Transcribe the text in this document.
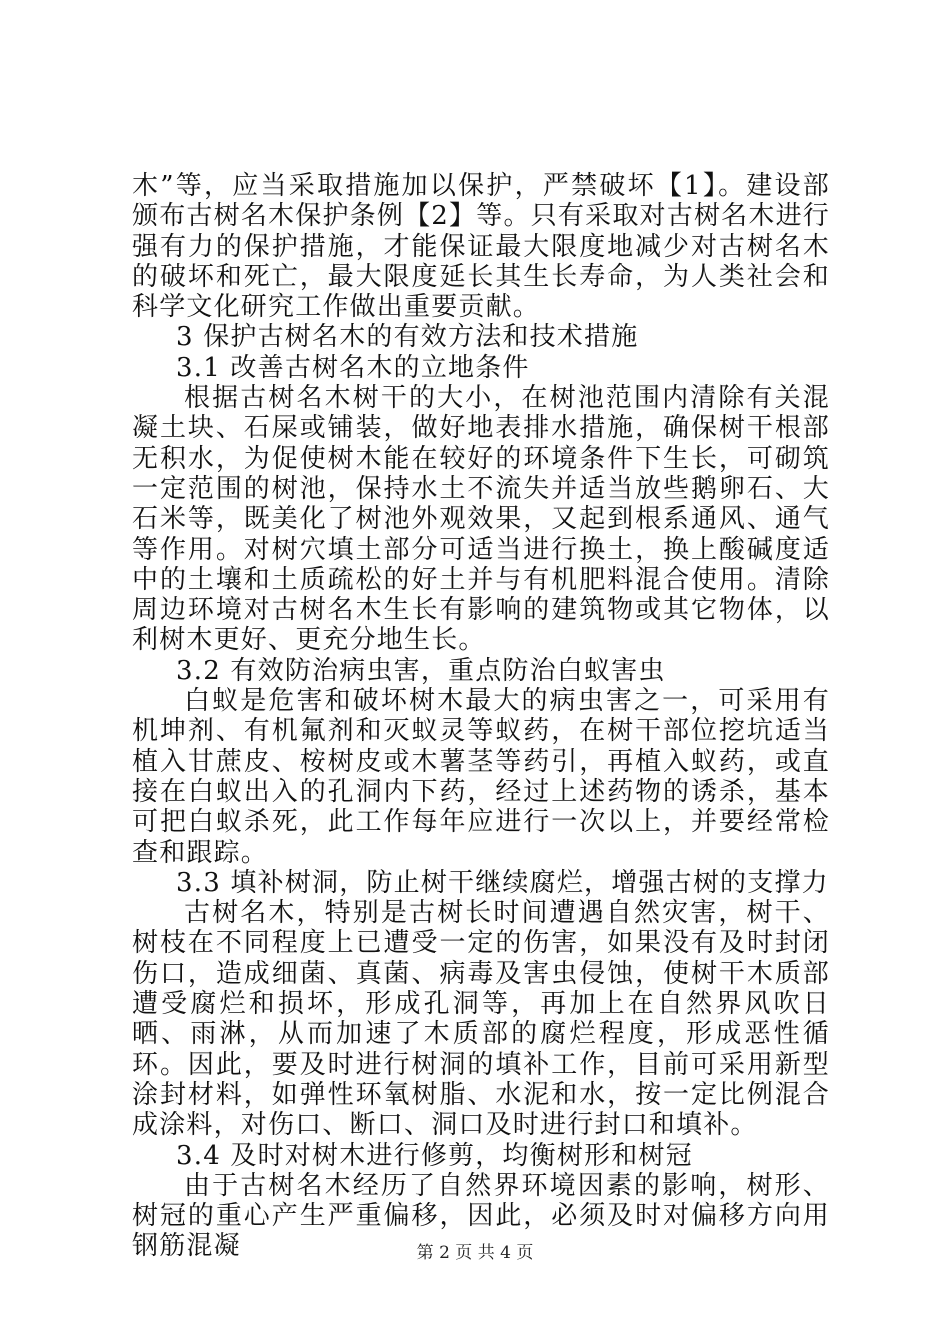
木”等，应当采取措施加以保护，严禁破坏【1】。建设部颁布古树名木保护条例【2】等。只有采取对古树名木进行强有力的保护措施，才能保证最大限度地减少对古树名木的破坏和死亡，最大限度延长其生长寿命，为人类社会和科学文化研究工作做出重要贡献。

3 保护古树名木的有效方法和技术措施

3.1 改善古树名木的立地条件

根据古树名木树干的大小，在树池范围内清除有关混凝土块、石屎或铺装，做好地表排水措施，确保树干根部无积水，为促使树木能在较好的环境条件下生长，可砌筑一定范围的树池，保持水土不流失并适当放些鹅卵石、大石米等，既美化了树池外观效果，又起到根系通风、通气等作用。对树穴填土部分可适当进行换土，换上酸碱度适中的土壤和土质疏松的好土并与有机肥料混合使用。清除周边环境对古树名木生长有影响的建筑物或其它物体，以利树木更好、更充分地生长。

3.2 有效防治病虫害，重点防治白蚁害虫

白蚁是危害和破坏树木最大的病虫害之一，可采用有机坤剂、有机氟剂和灭蚁灵等蚁药，在树干部位挖坑适当植入甘蔗皮、桉树皮或木薯茎等药引，再植入蚁药，或直接在白蚁出入的孔洞内下药，经过上述药物的诱杀，基本可把白蚁杀死，此工作每年应进行一次以上，并要经常检查和跟踪。

3.3 填补树洞，防止树干继续腐烂，增强古树的支撑力

古树名木，特别是古树长时间遭遇自然灾害，树干、树枝在不同程度上已遭受一定的伤害，如果没有及时封闭伤口，造成细菌、真菌、病毒及害虫侵蚀，使树干木质部遭受腐烂和损坏，形成孔洞等，再加上在自然界风吹日晒、雨淋，从而加速了木质部的腐烂程度，形成恶性循环。因此，要及时进行树洞的填补工作，目前可采用新型涂封材料，如弹性环氧树脂、水泥和水，按一定比例混合成涂料，对伤口、断口、洞口及时进行封口和填补。

3.4 及时对树木进行修剪，均衡树形和树冠

由于古树名木经历了自然界环境因素的影响，树形、树冠的重心产生严重偏移，因此，必须及时对偏移方向用钢筋混凝	第 2 页 共 4 页
